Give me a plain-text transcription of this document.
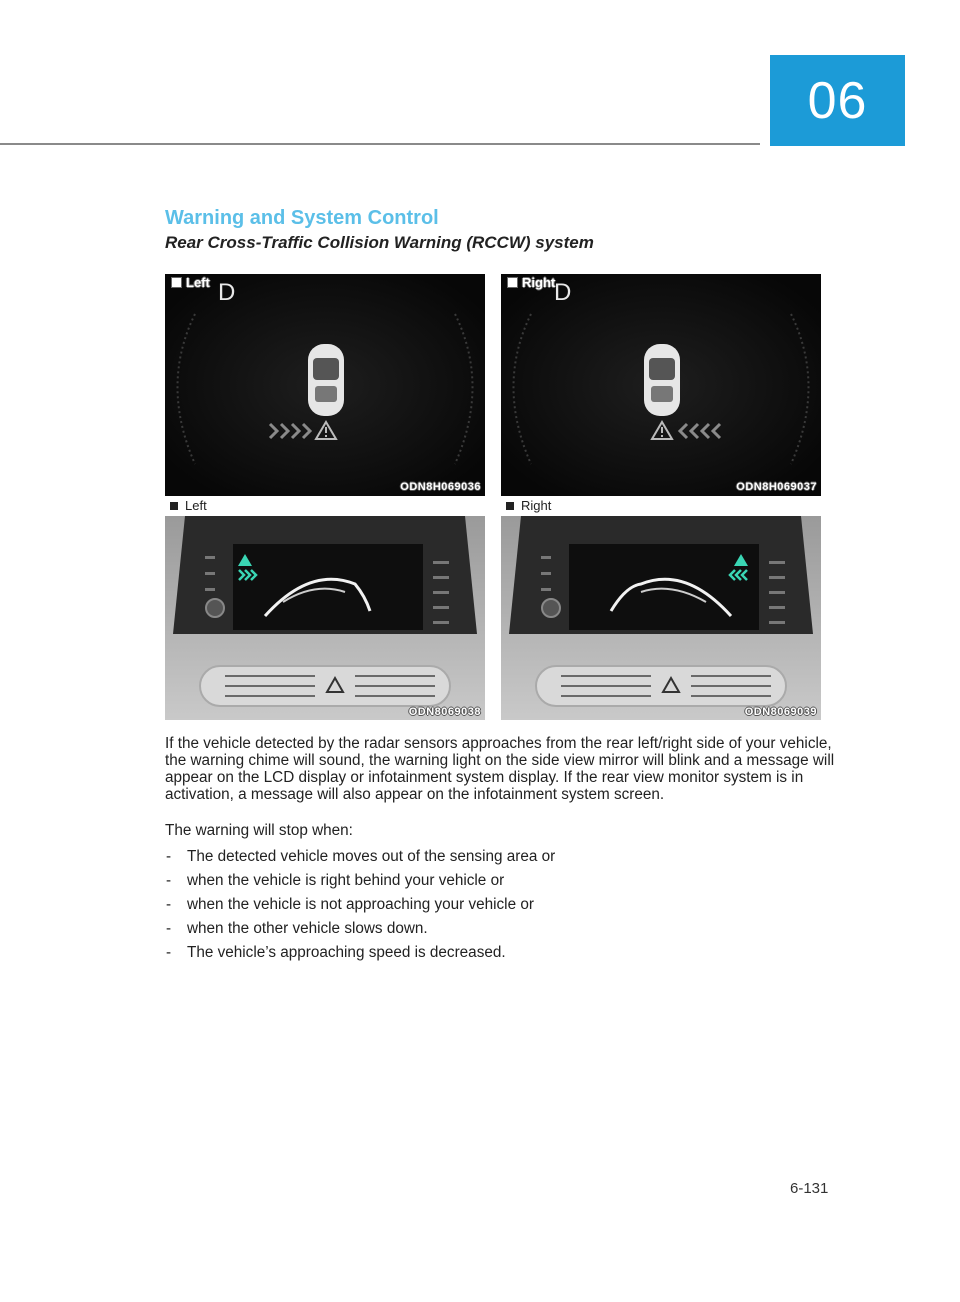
06
Warning and System Control
Rear Cross-Traffic Collision Warning (RCCW) system
Left D
ODN8H069036
Right
D
ODN8H069037
Left	Right
ODN8069038	ODN8069039

If the vehicle detected by the radar sensors approaches from the rear left/right side of your vehicle, the warning chime will sound, the warning light on the side view mirror will blink and a message will appear on the LCD display or infotainment system display. If the rear view monitor system is in activation, a message will also appear on the infotainment system screen.

The warning will stop when:

- The detected vehicle moves out of the sensing area or
- when the vehicle is right behind your vehicle or
- when the vehicle is not approaching your vehicle or
- when the other vehicle slows down.
- The vehicle’s approaching speed is decreased.
6-131
